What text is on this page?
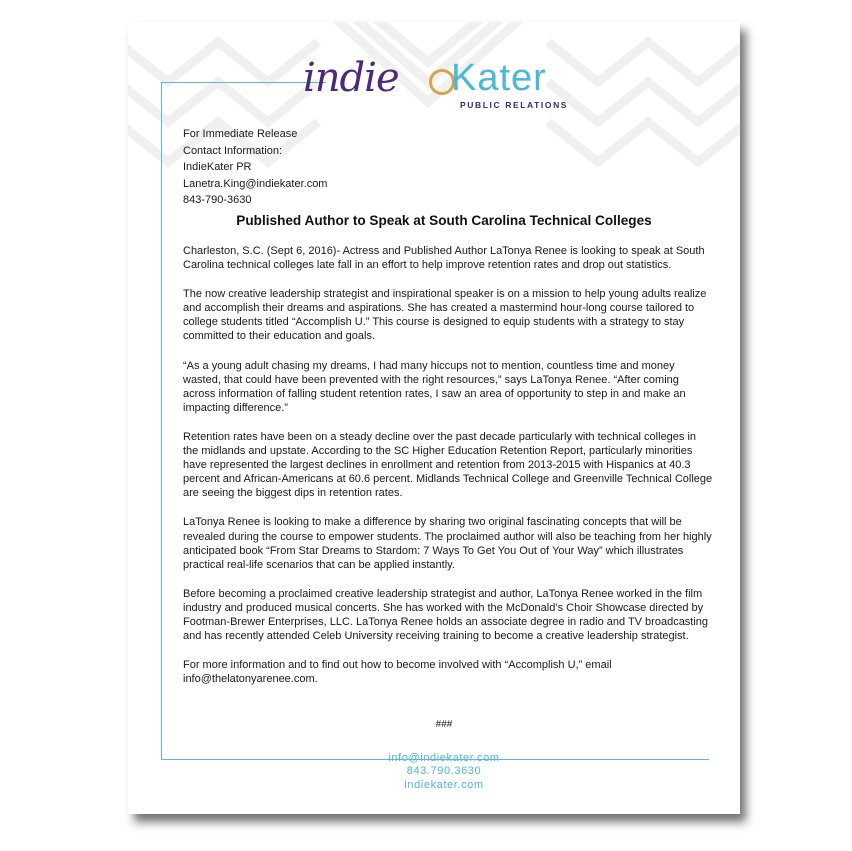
indie Kater
PUBLIC RELATIONS
For Immediate Release
Contact Information:
IndieKater PR
Lanetra.King@indiekater.com
843-790-3630
Published Author to Speak at South Carolina Technical Colleges

Charleston, S.C. (Sept 6, 2016)- Actress and Published Author LaTonya Renee is looking to speak at South Carolina technical colleges late fall in an effort to help improve retention rates and drop out statistics.

The now creative leadership strategist and inspirational speaker is on a mission to help young adults realize and accomplish their dreams and aspirations. She has created a mastermind hour-long course tailored to college students titled “Accomplish U.” This course is designed to equip students with a strategy to stay committed to their education and goals.

“As a young adult chasing my dreams, I had many hiccups not to mention, countless time and money wasted, that could have been prevented with the right resources,” says LaTonya Renee. “After coming across information of falling student retention rates, I saw an area of opportunity to step in and make an impacting difference.”

Retention rates have been on a steady decline over the past decade particularly with technical colleges in the midlands and upstate. According to the SC Higher Education Retention Report, particularly minorities have represented the largest declines in enrollment and retention from 2013-2015 with Hispanics at 40.3 percent and African-Americans at 60.6 percent. Midlands Technical College and Greenville Technical College are seeing the biggest dips in retention rates.

LaTonya Renee is looking to make a difference by sharing two original fascinating concepts that will be revealed during the course to empower students. The proclaimed author will also be teaching from her highly anticipated book “From Star Dreams to Stardom: 7 Ways To Get You Out of Your Way” which illustrates practical real-life scenarios that can be applied instantly.

Before becoming a proclaimed creative leadership strategist and author, LaTonya Renee worked in the film industry and produced musical concerts. She has worked with the McDonald’s Choir Showcase directed by Footman-Brewer Enterprises, LLC. LaTonya Renee holds an associate degree in radio and TV broadcasting and has recently attended Celeb University receiving training to become a creative leadership strategist.

For more information and to find out how to become involved with “Accomplish U,” email info@thelatonyarenee.com.

###
info@indiekater.com
843.790.3630
indiekater.com
